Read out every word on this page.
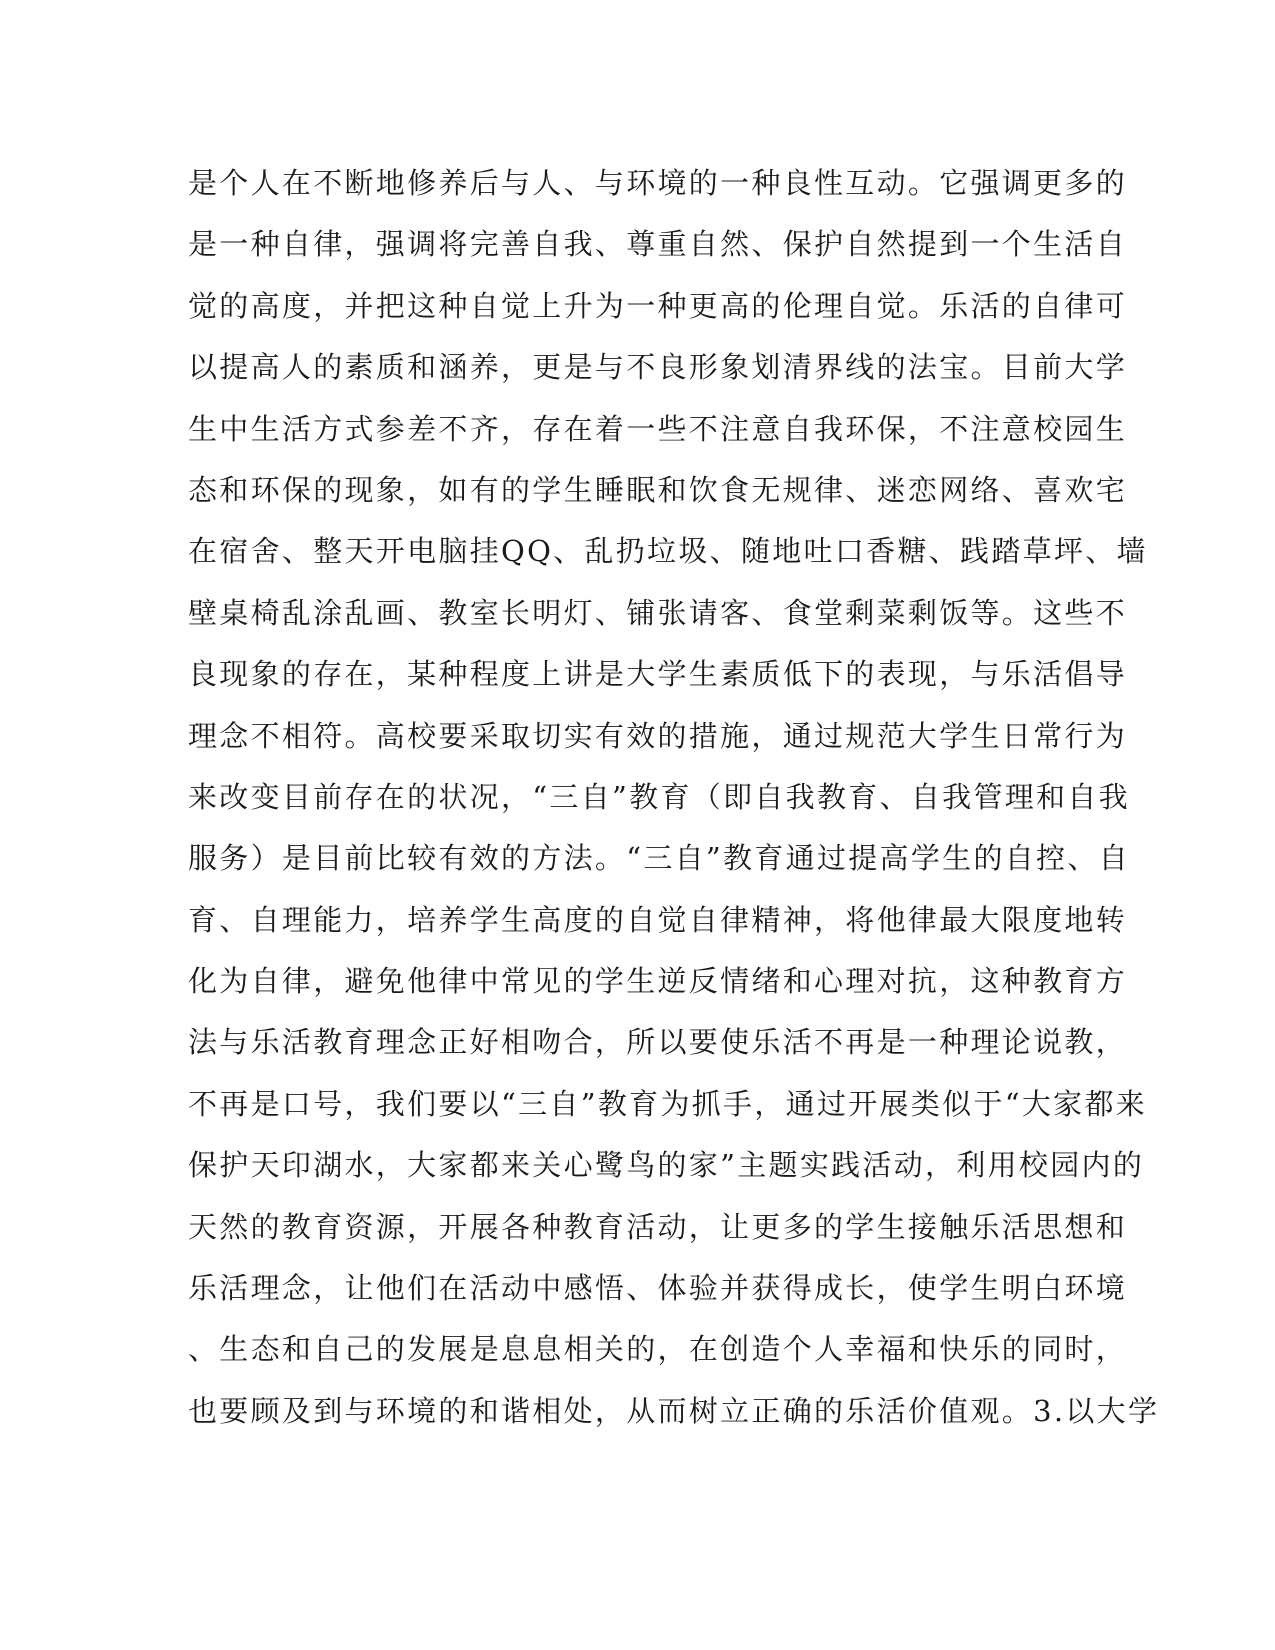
是个人在不断地修养后与人、与环境的一种良性互动。它强调更多的
是一种自律，强调将完善自我、尊重自然、保护自然提到一个生活自
觉的高度，并把这种自觉上升为一种更高的伦理自觉。乐活的自律可
以提高人的素质和涵养，更是与不良形象划清界线的法宝。目前大学
生中生活方式参差不齐，存在着一些不注意自我环保，不注意校园生
态和环保的现象，如有的学生睡眠和饮食无规律、迷恋网络、喜欢宅
在宿舍、整天开电脑挂QQ、乱扔垃圾、随地吐口香糖、践踏草坪、墙
壁桌椅乱涂乱画、教室长明灯、铺张请客、食堂剩菜剩饭等。这些不
良现象的存在，某种程度上讲是大学生素质低下的表现，与乐活倡导
理念不相符。高校要采取切实有效的措施，通过规范大学生日常行为
来改变目前存在的状况，“三自”教育（即自我教育、自我管理和自我
服务）是目前比较有效的方法。“三自”教育通过提高学生的自控、自
育、自理能力，培养学生高度的自觉自律精神，将他律最大限度地转
化为自律，避免他律中常见的学生逆反情绪和心理对抗，这种教育方
法与乐活教育理念正好相吻合，所以要使乐活不再是一种理论说教，
不再是口号，我们要以“三自”教育为抓手，通过开展类似于“大家都来
保护天印湖水，大家都来关心鹭鸟的家”主题实践活动，利用校园内的
天然的教育资源，开展各种教育活动，让更多的学生接触乐活思想和
乐活理念，让他们在活动中感悟、体验并获得成长，使学生明白环境
、生态和自己的发展是息息相关的，在创造个人幸福和快乐的同时，
也要顾及到与环境的和谐相处，从而树立正确的乐活价值观。3.以大学
